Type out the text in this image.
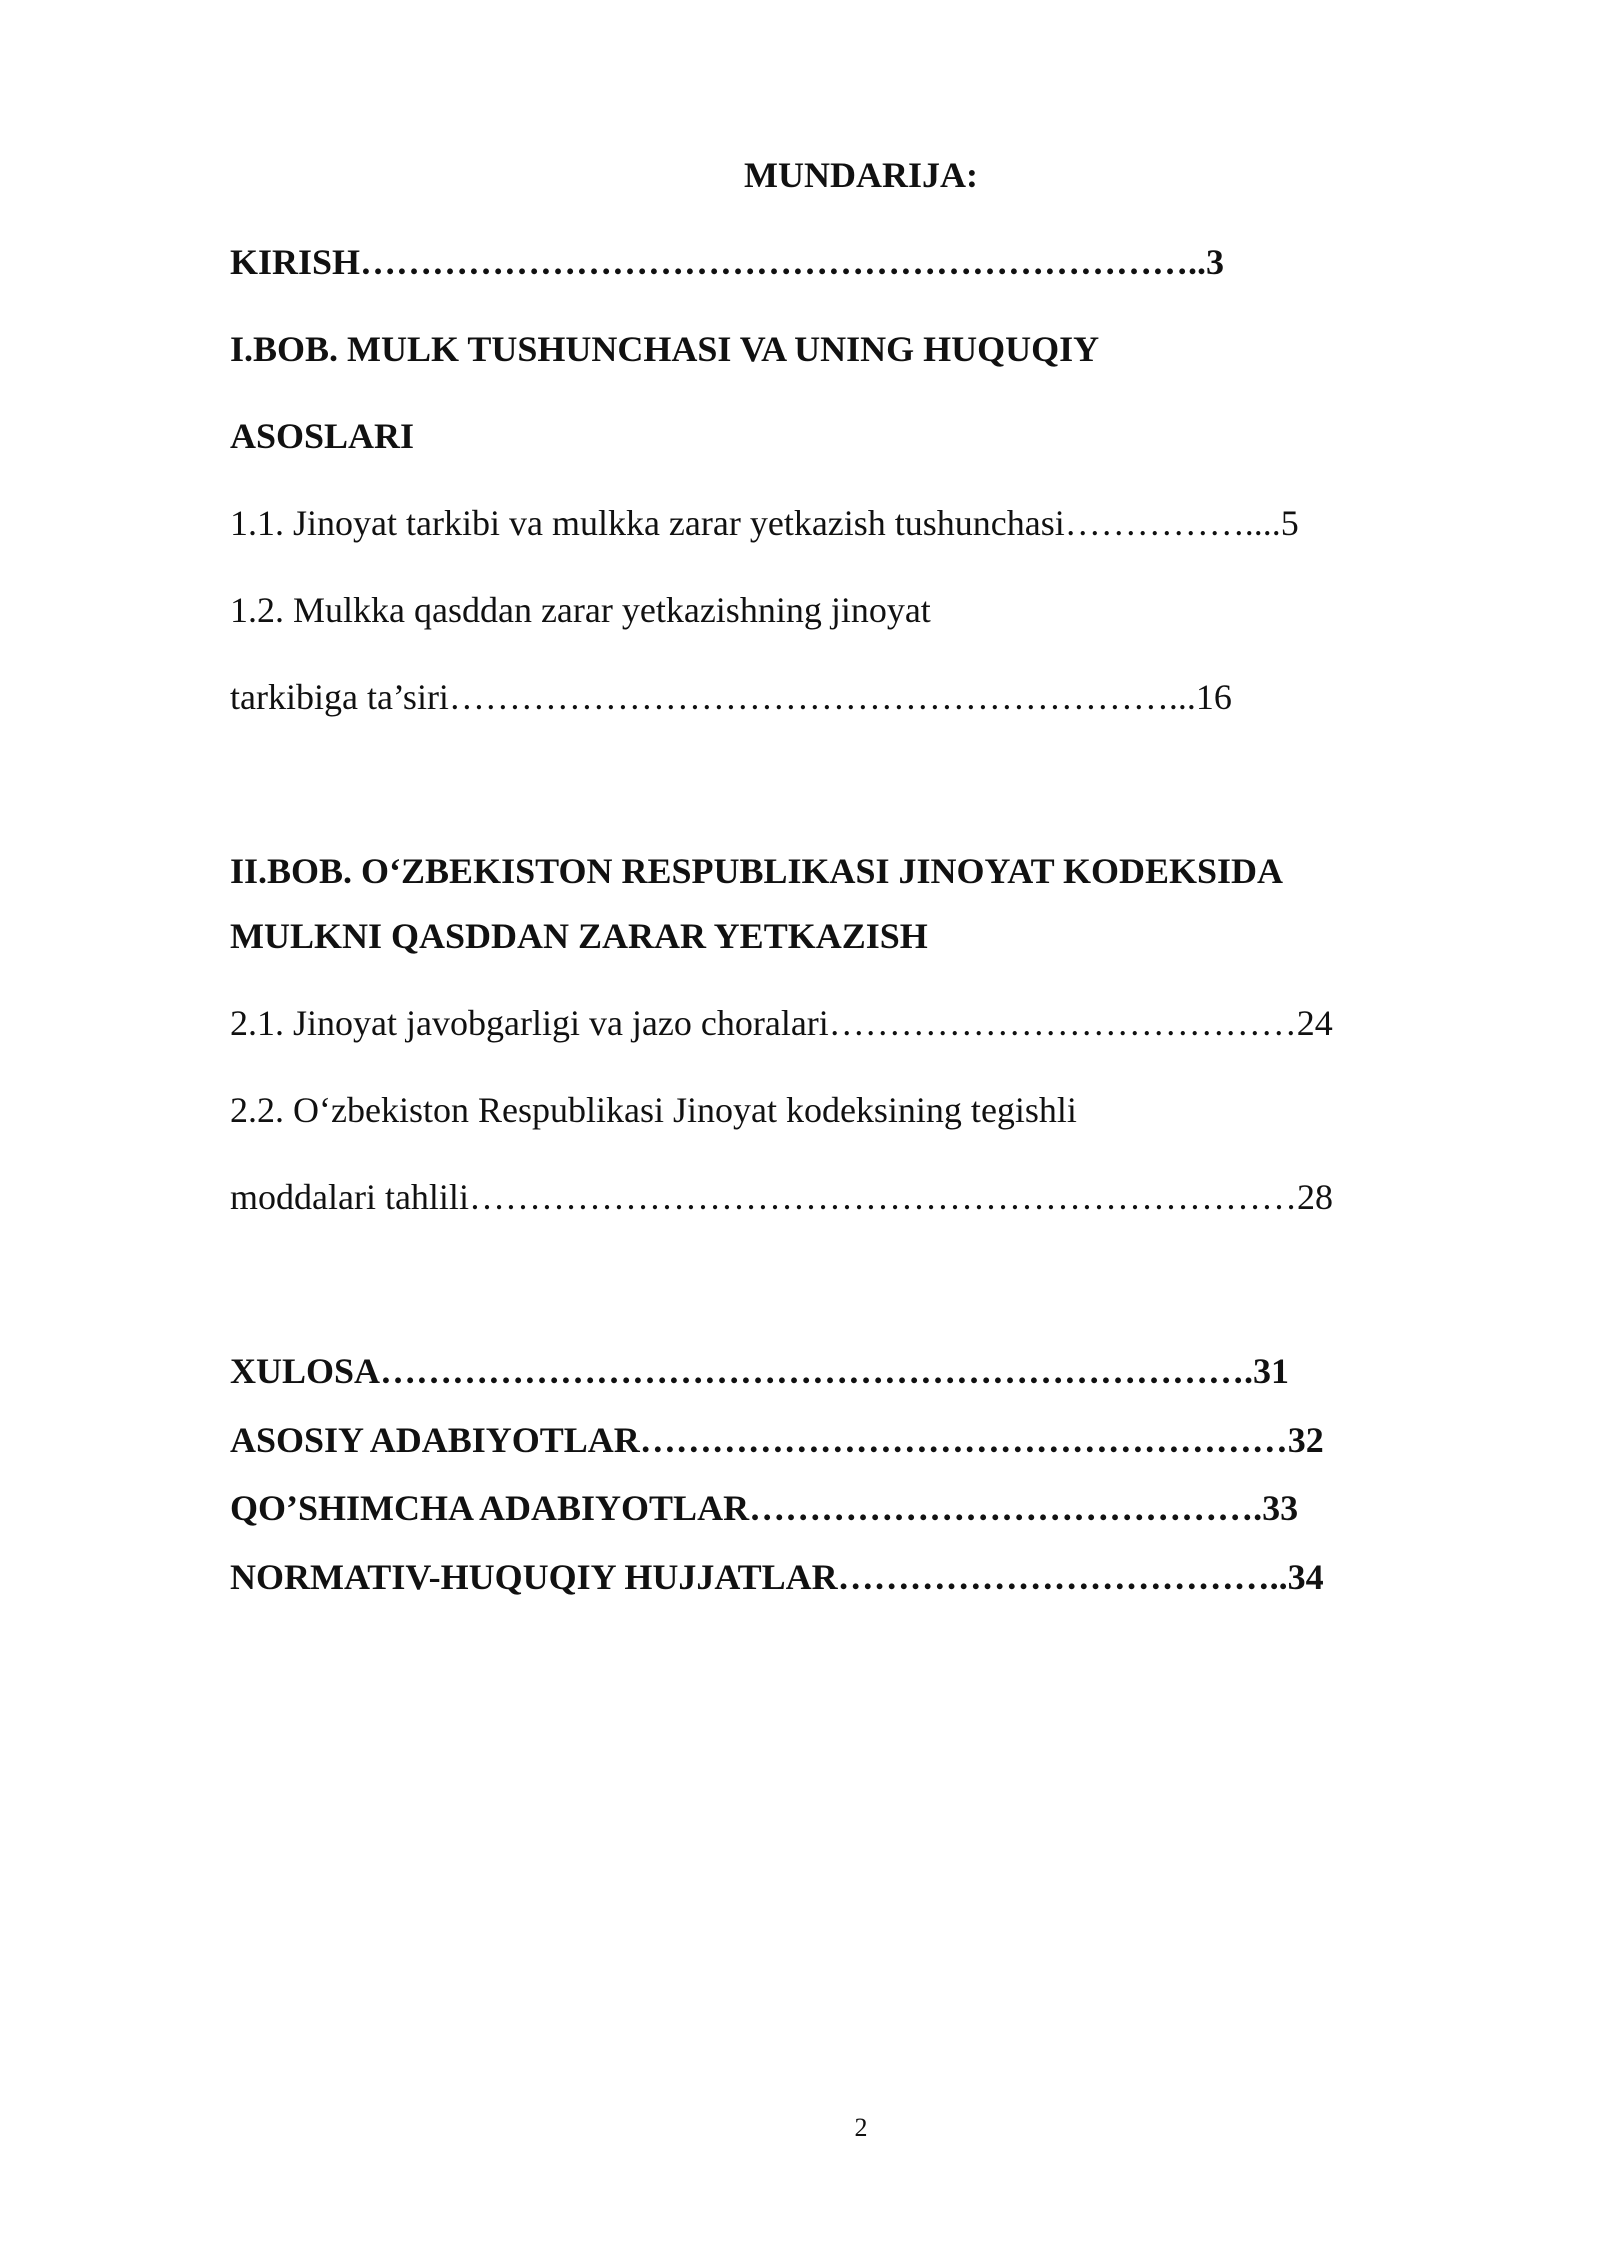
MUNDARIJA:

KIRISH……………………………………………………………..3

I.BOB. MULK TUSHUNCHASI VA UNING HUQUQIY

ASOSLARI

1.1. Jinoyat tarkibi va mulkka zarar yetkazish tushunchasi……………....5

1.2. Mulkka qasddan zarar yetkazishning jinoyat

tarkibiga ta’siri……………………………………………………...16

II.BOB. O‘ZBEKISTON RESPUBLIKASI JINOYAT KODEKSIDA

MULKNI QASDDAN ZARAR YETKAZISH

2.1. Jinoyat javobgarligi va jazo choralari…………………………………24

2.2. O‘zbekiston Respublikasi Jinoyat kodeksining tegishli

moddalari tahlili……………………………………………………………28

XULOSA……………………………………………………………….31

ASOSIY ADABIYOTLAR………………………………………………32

QO’SHIMCHA ADABIYOTLAR…………………………………….33

NORMATIV-HUQUQIY HUJJATLAR………………………………..34

2
